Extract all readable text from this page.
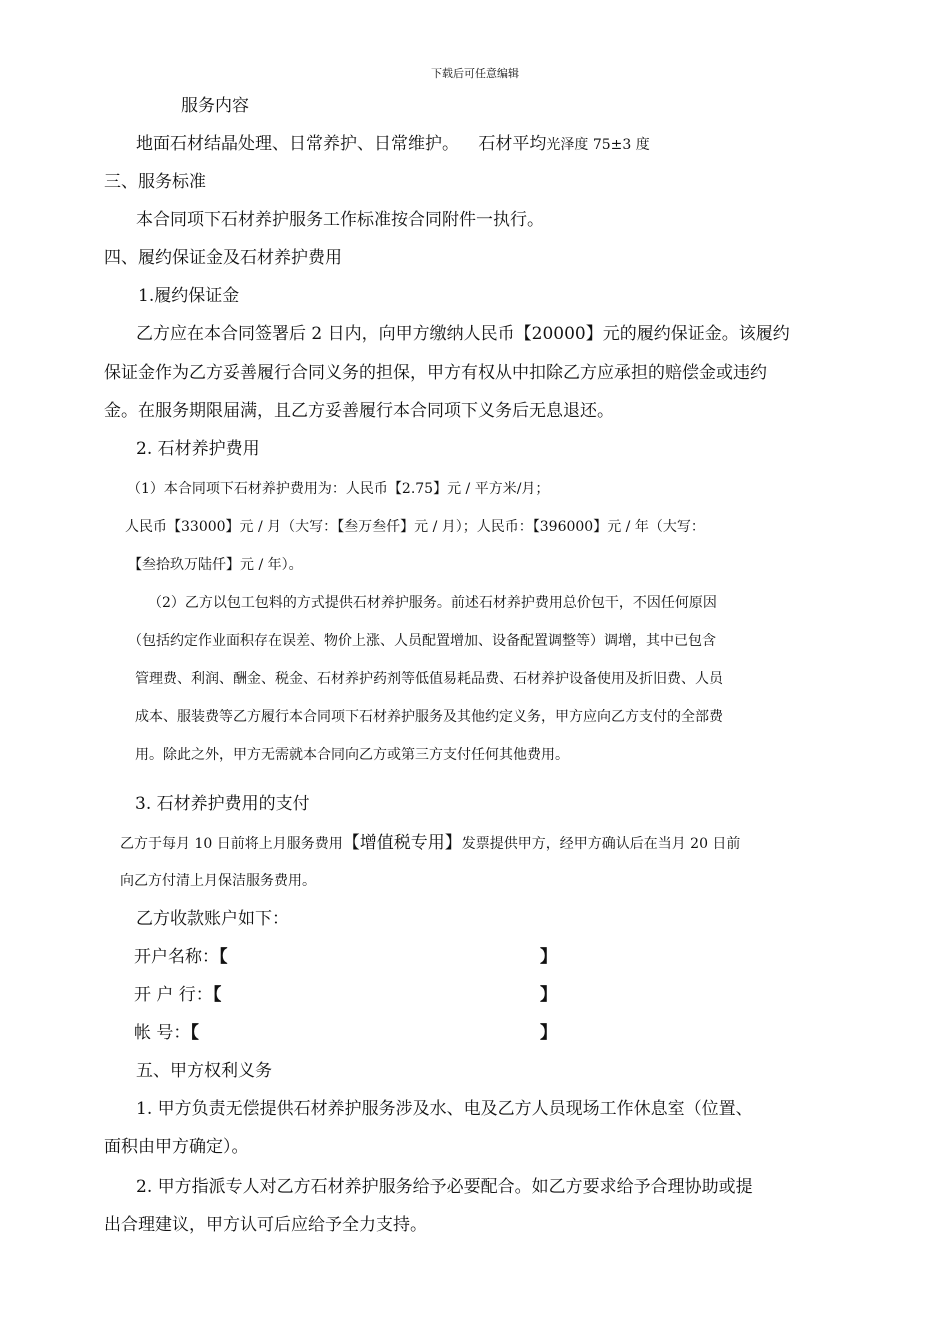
下载后可任意编辑
服务内容
地面石材结晶处理、日常养护、日常维护。 石材平均光泽度 75±3 度
三、服务标准
本合同项下石材养护服务工作标准按合同附件一执行。
四、履约保证金及石材养护费用
1.履约保证金
乙方应在本合同签署后 2 日内，向甲方缴纳人民币【20000】元的履约保证金。该履约
保证金作为乙方妥善履行合同义务的担保，甲方有权从中扣除乙方应承担的赔偿金或违约
金。在服务期限届满，且乙方妥善履行本合同项下义务后无息退还。
2. 石材养护费用
（1）本合同项下石材养护费用为：人民币【2.75】元 / 平方米/月；
人民币【33000】元 / 月（大写：【叁万叁仟】元 / 月）；人民币：【396000】元 / 年（大写：
【叁拾玖万陆仟】元 / 年）。
（2）乙方以包工包料的方式提供石材养护服务。前述石材养护费用总价包干，不因任何原因
（包括约定作业面积存在误差、物价上涨、人员配置增加、设备配置调整等）调增，其中已包含
管理费、利润、酬金、税金、石材养护药剂等低值易耗品费、石材养护设备使用及折旧费、人员
成本、服装费等乙方履行本合同项下石材养护服务及其他约定义务，甲方应向乙方支付的全部费
用。除此之外，甲方无需就本合同向乙方或第三方支付任何其他费用。
3. 石材养护费用的支付
乙方于每月 10 日前将上月服务费用【增值税专用】发票提供甲方，经甲方确认后在当月 20 日前
向乙方付清上月保洁服务费用。
乙方收款账户如下：
开户名称：【	】
开 户 行：【	】
帐 号：【	】
五、甲方权利义务
1. 甲方负责无偿提供石材养护服务涉及水、电及乙方人员现场工作休息室（位置、
面积由甲方确定）。
2. 甲方指派专人对乙方石材养护服务给予必要配合。如乙方要求给予合理协助或提
出合理建议，甲方认可后应给予全力支持。
